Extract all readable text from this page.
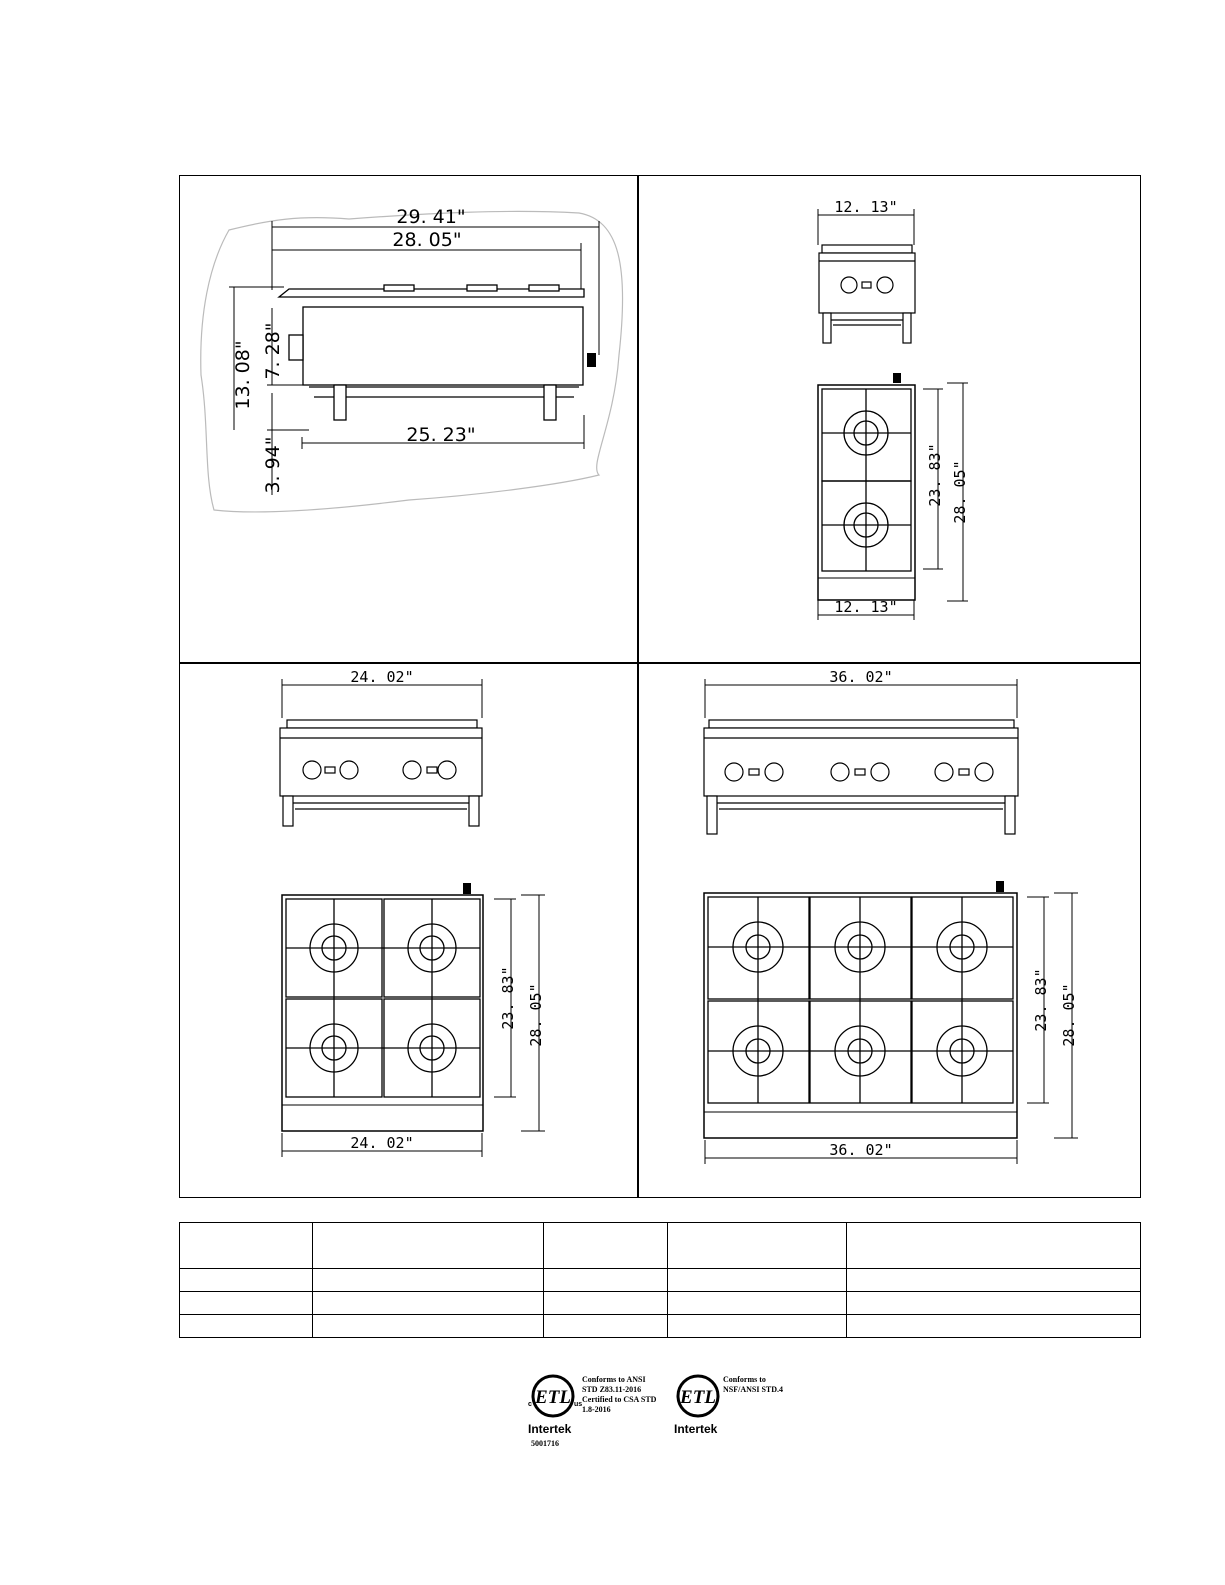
29. 41"
28. 05"
13. 08" 7. 28"
25. 23"
3. 94"
12. 13"
23. 83" 28. 05"
12. 13"
24. 02"
23. 83" 28. 05"
24. 02"
36. 02"
23. 83" 28. 05"
36. 02"

ETL
c	us
Intertek
5001716
Conforms to ANSI
STD Z83.11-2016
Certified to CSA STD
1.8-2016
ETL
Intertek
Conforms to
NSF/ANSI STD.4
